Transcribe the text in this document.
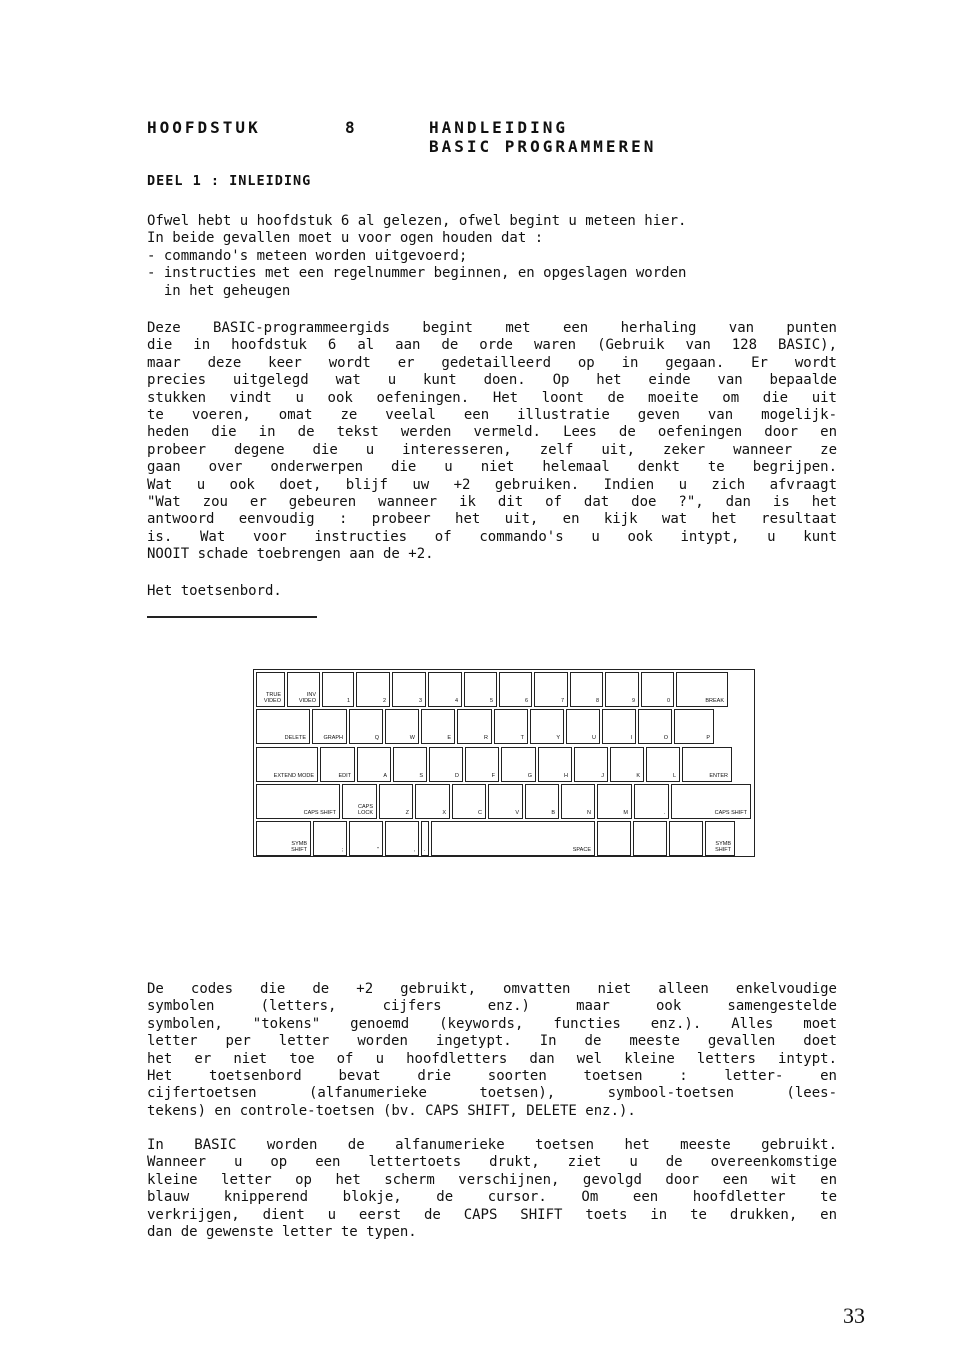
HOOFDSTUK	8	HANDLEIDING
BASIC PROGRAMMEREN
DEEL 1 : INLEIDING
Ofwel hebt u hoofdstuk 6 al gelezen, ofwel begint u meteen hier.
In beide gevallen moet u voor ogen houden dat :
- commando's meteen worden uitgevoerd;
- instructies met een regelnummer beginnen, en opgeslagen worden
in het geheugen
Deze BASIC-programmeergids begint met een herhaling van punten
die in hoofdstuk 6 al aan de orde waren (Gebruik van 128 BASIC),
maar deze keer wordt er gedetailleerd op in gegaan. Er wordt
precies uitgelegd wat u kunt doen. Op het einde van bepaalde
stukken vindt u ook oefeningen. Het loont de moeite om die uit
te voeren, omat ze veelal een illustratie geven van mogelijk-
heden die in de tekst werden vermeld. Lees de oefeningen door en
probeer degene die u interesseren, zelf uit, zeker wanneer ze
gaan over onderwerpen die u niet helemaal denkt te begrijpen.
Wat u ook doet, blijf uw +2 gebruiken. Indien u zich afvraagt
"Wat zou er gebeuren wanneer ik dit of dat doe ?", dan is het
antwoord eenvoudig : probeer het uit, en kijk wat het resultaat
is. Wat voor instructies of commando's u ook intypt, u kunt
NOOIT schade toebrengen aan de +2.
Het toetsenbord.
TRUE
VIDEO
INV
VIDEO	1	2	3	4	5	6	7	8	9	0	BREAK
DELETE	GRAPH	Q	W	E	R	T	Y	U	I	O	P
EXTEND MODE	EDIT	A	S	D	F	G	H	J	K	L	ENTER
CAPS SHIFT
CAPS
LOCK	Z	X	C	V	B	N	M	.	CAPS SHIFT
SYMB
SHIFT	;	"	, .	SPACE
SYMB
SHIFT
De codes die de +2 gebruikt, omvatten niet alleen enkelvoudige
symbolen (letters, cijfers enz.) maar ook samengestelde
symbolen, "tokens" genoemd (keywords, functies enz.). Alles moet
letter per letter worden ingetypt. In de meeste gevallen doet
het er niet toe of u hoofdletters dan wel kleine letters intypt.
Het toetsenbord bevat drie soorten toetsen : letter- en
cijfertoetsen (alfanumerieke toetsen), symbool-toetsen (lees-
tekens) en controle-toetsen (bv. CAPS SHIFT, DELETE enz.).
In BASIC worden de alfanumerieke toetsen het meeste gebruikt.
Wanneer u op een lettertoets drukt, ziet u de overeenkomstige
kleine letter op het scherm verschijnen, gevolgd door een wit en
blauw knipperend blokje, de cursor. Om een hoofdletter te
verkrijgen, dient u eerst de CAPS SHIFT toets in te drukken, en
dan de gewenste letter te typen.
33
